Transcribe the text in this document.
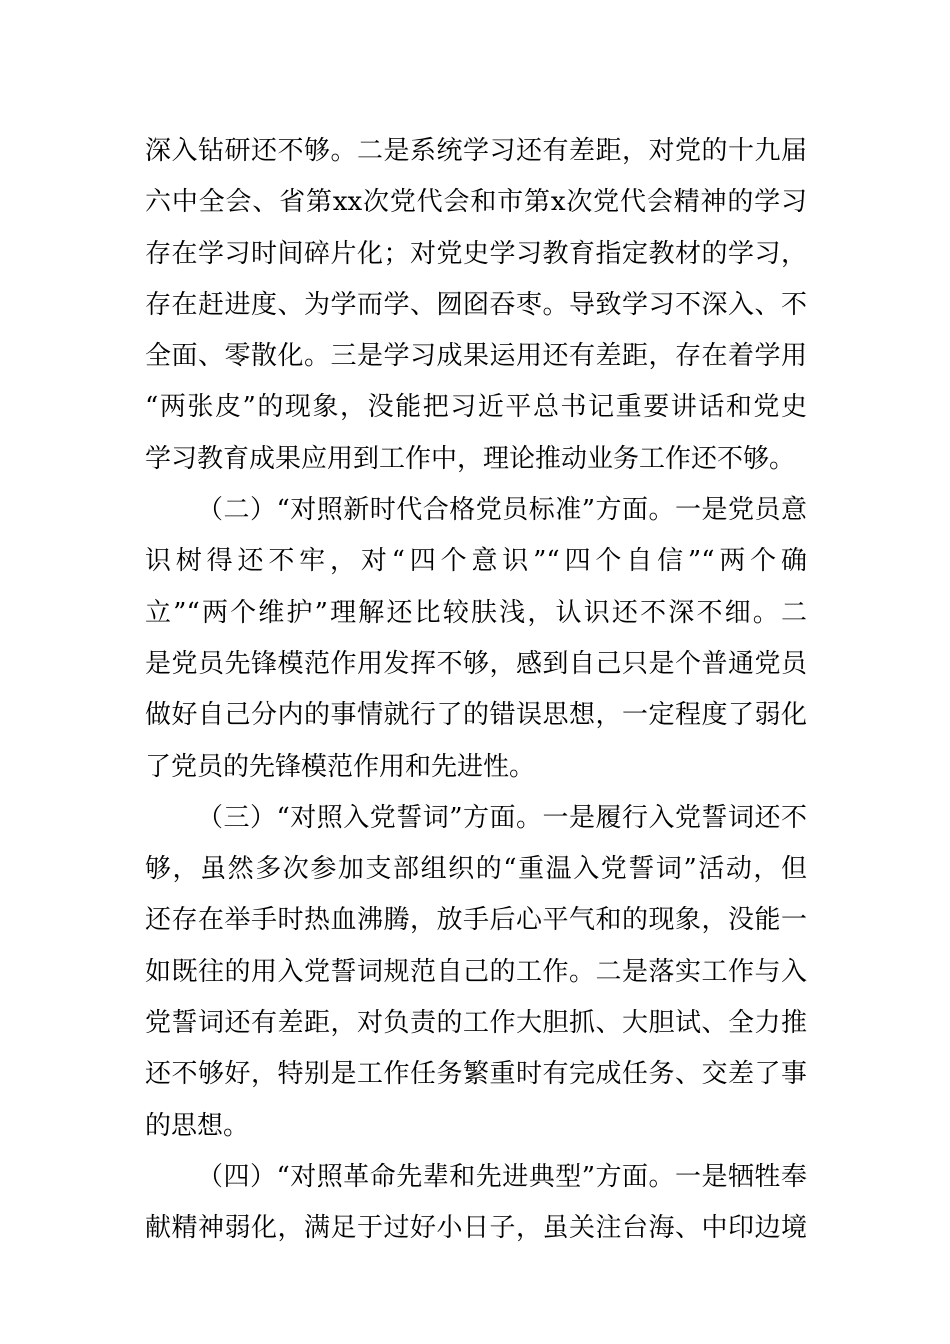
深入钻研还不够。二是系统学习还有差距，对党的十九届
六中全会、省第xx次党代会和市第x次党代会精神的学习
存在学习时间碎片化；对党史学习教育指定教材的学习，
存在赶进度、为学而学、囫囵吞枣。导致学习不深入、不
全面、零散化。三是学习成果运用还有差距，存在着学用
“两张皮”的现象，没能把习近平总书记重要讲话和党史
学习教育成果应用到工作中，理论推动业务工作还不够。
（二）“对照新时代合格党员标准”方面。一是党员意
识树得还不牢，对“四个意识”“四个自信”“两个确
立”“两个维护”理解还比较肤浅，认识还不深不细。二
是党员先锋模范作用发挥不够，感到自己只是个普通党员
做好自己分内的事情就行了的错误思想，一定程度了弱化
了党员的先锋模范作用和先进性。
（三）“对照入党誓词”方面。一是履行入党誓词还不
够，虽然多次参加支部组织的“重温入党誓词”活动，但
还存在举手时热血沸腾，放手后心平气和的现象，没能一
如既往的用入党誓词规范自己的工作。二是落实工作与入
党誓词还有差距，对负责的工作大胆抓、大胆试、全力推
还不够好，特别是工作任务繁重时有完成任务、交差了事
的思想。
（四）“对照革命先辈和先进典型”方面。一是牺牲奉
献精神弱化，满足于过好小日子，虽关注台海、中印边境
